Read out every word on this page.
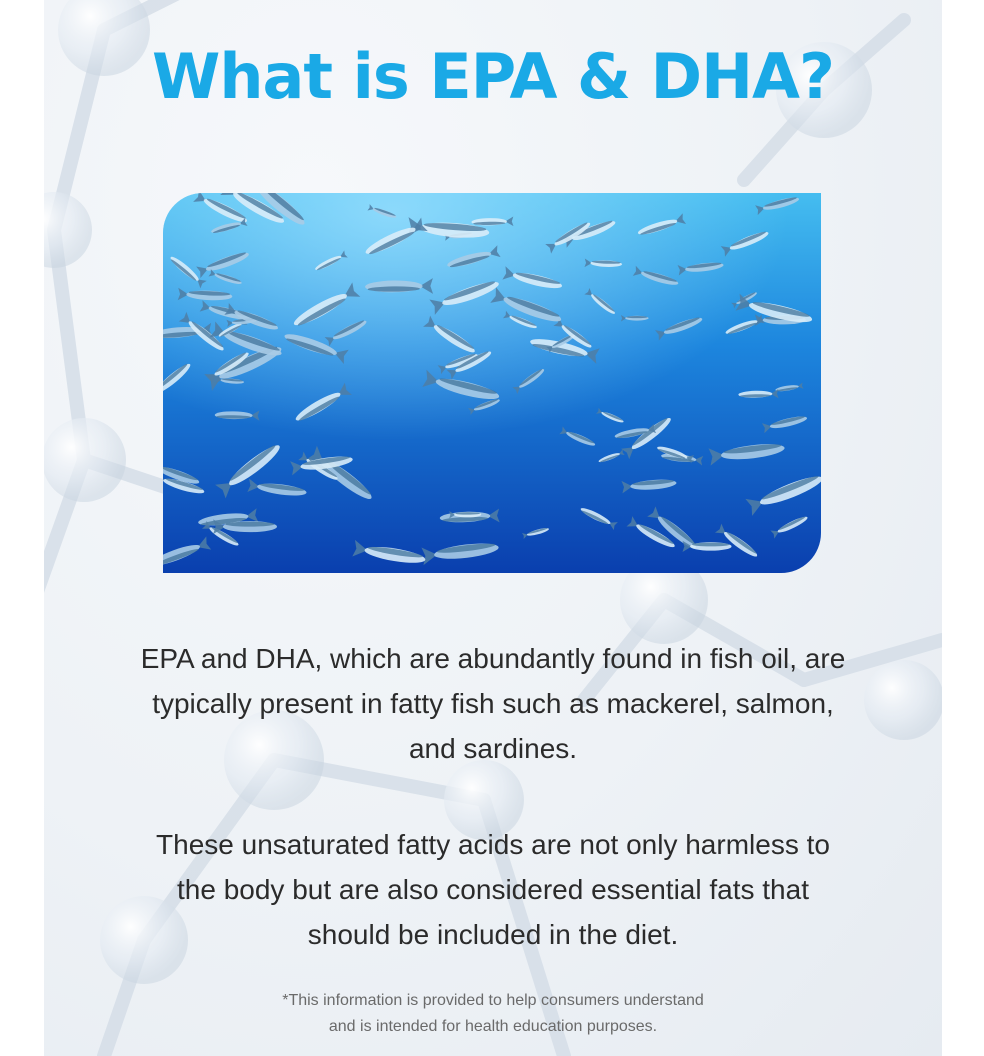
What is EPA & DHA?

EPA and DHA, which are abundantly found in fish oil, are
typically present in fatty fish such as mackerel, salmon,
and sardines.

These unsaturated fatty acids are not only harmless to
the body but are also considered essential fats that
should be included in the diet.

*This information is provided to help consumers understand
and is intended for health education purposes.
